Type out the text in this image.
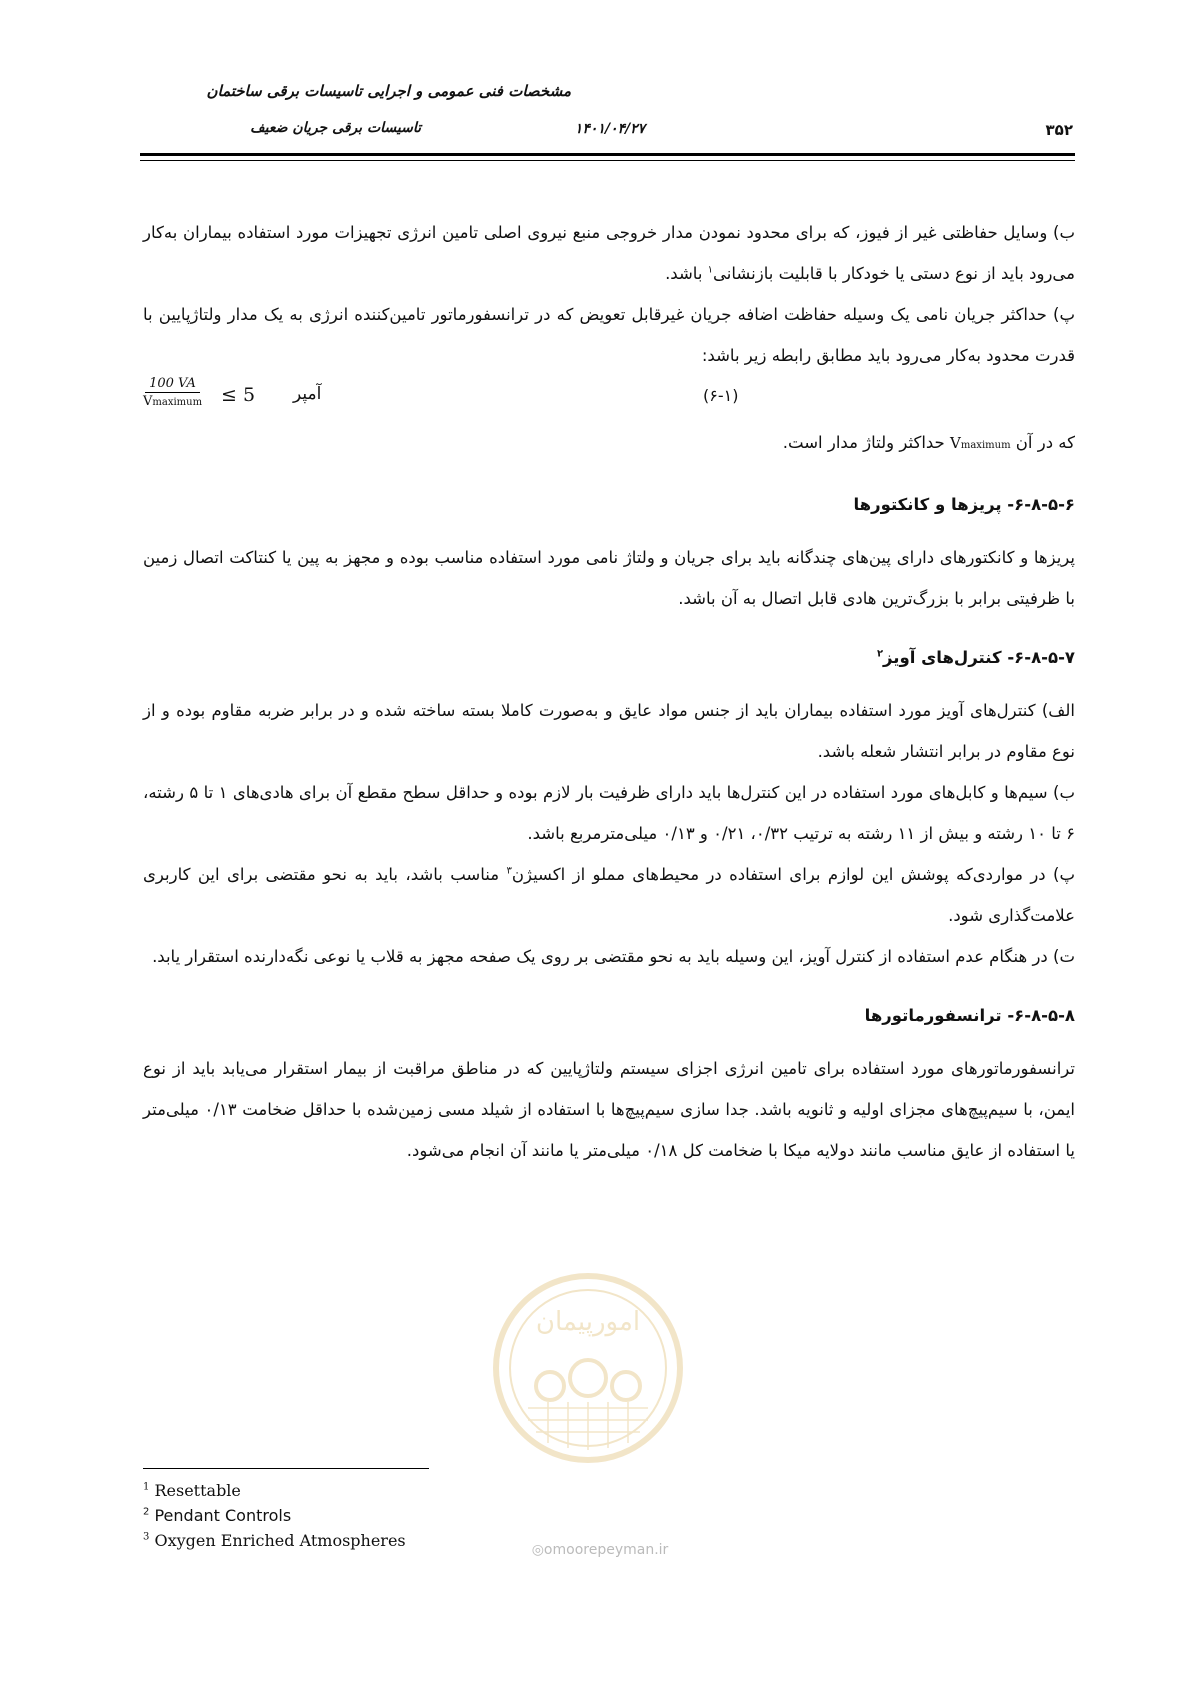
مشخصات فنی عمومی و اجرایی تاسیسات برقی ساختمان
تاسیسات برقی جریان ضعیف	۱۴۰۱/۰۴/۲۷	۳۵۲

ب) وسایل حفاظتی غیر از فیوز، که برای محدود نمودن مدار خروجی منبع نیروی اصلی تامین انرژی تجهیزات مورد استفاده بیماران به‌کار می‌رود باید از نوع دستی یا خودکار با قابلیت بازنشانی$^۱$ باشد.

پ) حداکثر جریان نامی یک وسیله حفاظت اضافه جریان غیرقابل تعویض که در ترانسفورماتور تامین‌کننده انرژی به یک مدار ولتاژپایین با قدرت محدود به‌کار می‌رود باید مطابق رابطه زیر باشد:

100 VA
Vmaximum ≤ 5 آمپر	(۶-۱)

که در آن Vmaximum حداکثر ولتاژ مدار است.

۶-۸-۵-۶- پریزها و کانکتورها

پریزها و کانکتورهای دارای پین‌های چندگانه باید برای جریان و ولتاژ نامی مورد استفاده مناسب بوده و مجهز به پین یا کنتاکت اتصال زمین با ظرفیتی برابر با بزرگ‌ترین هادی قابل اتصال به آن باشد.

۶-۸-۵-۷- کنترل‌های آویز$^۲$

الف) کنترل‌های آویز مورد استفاده بیماران باید از جنس مواد عایق و به‌صورت کاملا بسته ساخته شده و در برابر ضربه مقاوم بوده و از نوع مقاوم در برابر انتشار شعله باشد.

ب) سیم‌ها و کابل‌های مورد استفاده در این کنترل‌ها باید دارای ظرفیت بار لازم بوده و حداقل سطح مقطع آن برای هادی‌های ۱ تا ۵ رشته، ۶ تا ۱۰ رشته و بیش از ۱۱ رشته به ترتیب ۰/۳۲، ۰/۲۱ و ۰/۱۳ میلی‌مترمربع باشد.

پ) در مواردی‌که پوشش این لوازم برای استفاده در محیط‌های مملو از اکسیژن$^۳$ مناسب باشد، باید به نحو مقتضی برای این کاربری علامت‌گذاری شود.

ت) در هنگام عدم استفاده از کنترل آویز، این وسیله باید به نحو مقتضی بر روی یک صفحه مجهز به قلاب یا نوعی نگه‌دارنده استقرار یابد.

۶-۸-۵-۸- ترانسفورماتورها

ترانسفورماتورهای مورد استفاده برای تامین انرژی اجزای سیستم ولتاژپایین که در مناطق مراقبت از بیمار استقرار می‌یابد باید از نوع ایمن، با سیم‌پیچ‌های مجزای اولیه و ثانویه باشد. جدا سازی سیم‌پیچ‌ها با استفاده از شیلد مسی زمین‌شده با حداقل ضخامت ۰/۱۳ میلی‌متر یا استفاده از عایق مناسب مانند دولایه میکا با ضخامت کل ۰/۱۸ میلی‌متر یا مانند آن انجام می‌شود.

امورپیمان
◎omoorepeyman.ir

$^1$ Resettable

$^2$ Pendant Controls

$^3$ Oxygen Enriched Atmospheres
